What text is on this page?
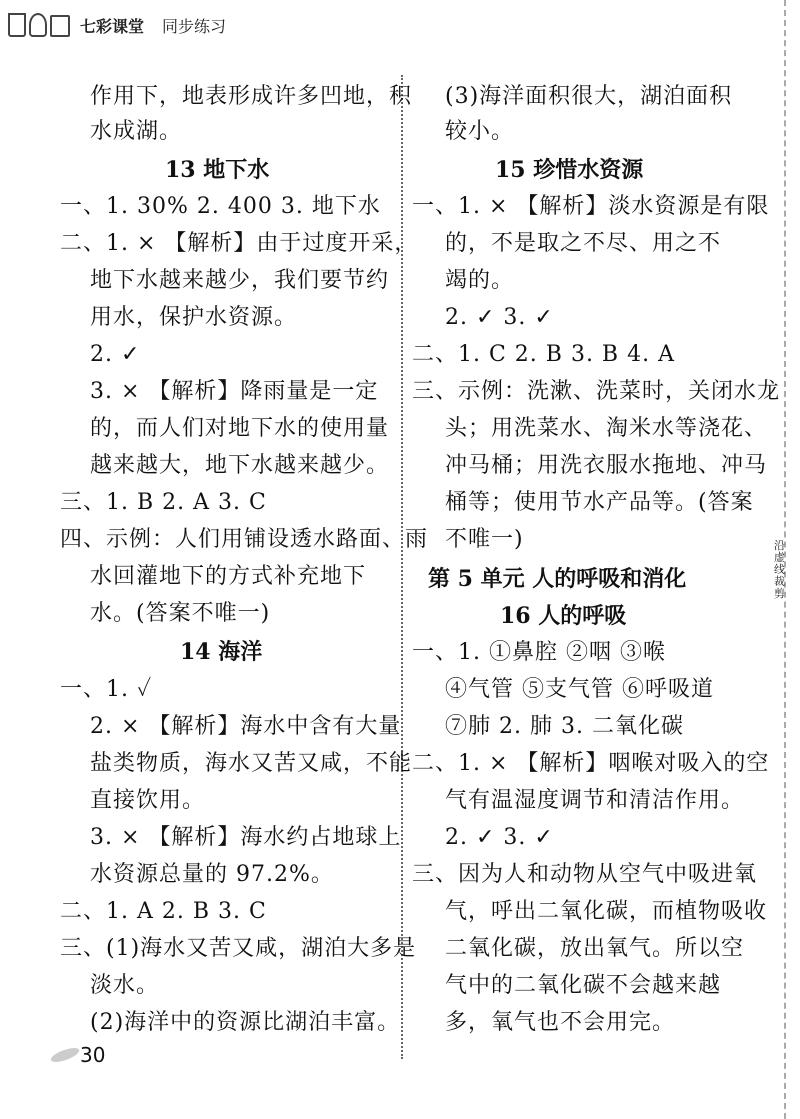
七彩课堂 同步练习
作用下，地表形成许多凹地，积
水成湖。
13 地下水
一、1. 30% 2. 400 3. 地下水
二、1. × 【解析】由于过度开采，
地下水越来越少，我们要节约
用水，保护水资源。
2. ✓
3. × 【解析】降雨量是一定
的，而人们对地下水的使用量
越来越大，地下水越来越少。
三、1. B 2. A 3. C
四、示例：人们用铺设透水路面、雨
水回灌地下的方式补充地下
水。(答案不唯一)
14 海洋
一、1. ✓
2. × 【解析】海水中含有大量
盐类物质，海水又苦又咸，不能
直接饮用。
3. × 【解析】海水约占地球上
水资源总量的 97.2%。
二、1. A 2. B 3. C
三、(1)海水又苦又咸，湖泊大多是
淡水。
(2)海洋中的资源比湖泊丰富。
(3)海洋面积很大，湖泊面积
较小。
15 珍惜水资源
一、1. × 【解析】淡水资源是有限
的，不是取之不尽、用之不
竭的。
2. ✓ 3. ✓
二、1. C 2. B 3. B 4. A
三、示例：洗漱、洗菜时，关闭水龙
头；用洗菜水、淘米水等浇花、
冲马桶；用洗衣服水拖地、冲马
桶等；使用节水产品等。(答案
不唯一)
第 5 单元 人的呼吸和消化
16 人的呼吸
一、1. ①鼻腔 ②咽 ③喉
④气管 ⑤支气管 ⑥呼吸道
⑦肺 2. 肺 3. 二氧化碳
二、1. × 【解析】咽喉对吸入的空
气有温湿度调节和清洁作用。
2. ✓ 3. ✓
三、因为人和动物从空气中吸进氧
气，呼出二氧化碳，而植物吸收
二氧化碳，放出氧气。所以空
气中的二氧化碳不会越来越
多，氧气也不会用完。
沿虚线裁剪
30
